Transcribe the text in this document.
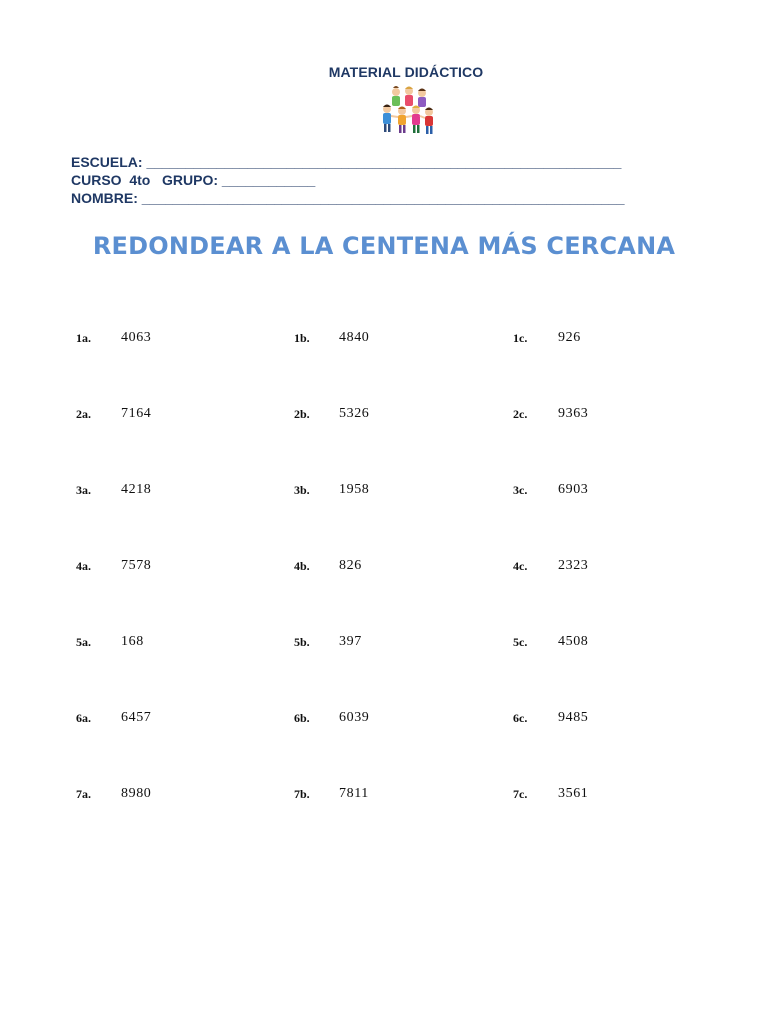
MATERIAL DIDÁCTICO
ESCUELA: _____________________________________________________________
CURSO  4to   GRUPO: ____________
NOMBRE: ______________________________________________________________
REDONDEAR A LA CENTENA MÁS CERCANA
1a. 4063	1b. 4840	1c. 926
2a. 7164	2b. 5326	2c. 9363
3a. 4218	3b. 1958	3c. 6903
4a. 7578	4b. 826	4c. 2323
5a. 168	5b. 397	5c. 4508
6a. 6457	6b. 6039	6c. 9485
7a. 8980	7b. 7811	7c. 3561
